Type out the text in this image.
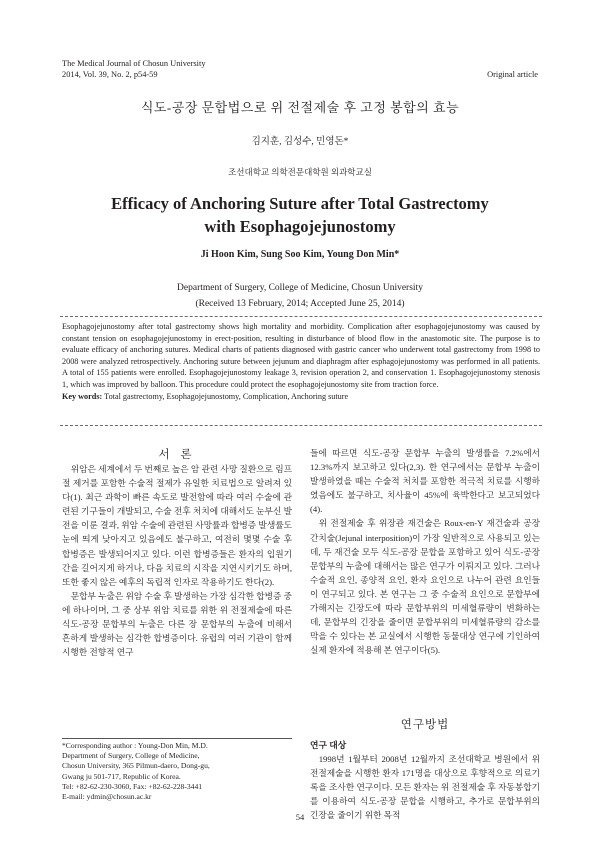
The Medical Journal of Chosun University
2014, Vol. 39, No. 2, p54-59	Original article
식도-공장 문합법으로 위 전절제술 후 고정 봉합의 효능
김지훈, 김성수, 민영돈*
조선대학교 의학전문대학원 외과학교실
Efficacy of Anchoring Suture after Total Gastrectomy
with Esophagojejunostomy
Ji Hoon Kim, Sung Soo Kim, Young Don Min*
Department of Surgery, College of Medicine, Chosun University
(Received 13 February, 2014; Accepted June 25, 2014)
Esophagojejunostomy after total gastrectomy shows high mortality and morbidity. Complication after esophagojejunostomy was caused by constant tension on esophagojejunostomy in erect-position, resulting in disturbance of blood flow in the anastomotic site. The purpose is to evaluate efficacy of anchoring sutures. Medical charts of patients diagnosed with gastric cancer who underwent total gastrectomy from 1998 to 2008 were analyzed retrospectively. Anchoring suture between jejunum and diaphragm after esphagojejunostomy was performed in all patients. A total of 155 patients were enrolled. Esophagojejunostomy leakage 3, revision operation 2, and conservation 1. Esophagojejunostomy stenosis 1, which was improved by balloon. This procedure could protect the esophagojejunostomy site from traction force.
Key words: Total gastrectomy, Esophagojejunostomy, Complication, Anchoring suture
서 론

위암은 세계에서 두 번째로 높은 암 관련 사망 질환으로 림프절 제거를 포함한 수술적 절제가 유일한 치료법으로 알려져 있다(1). 최근 과학이 빠른 속도로 발전함에 따라 여러 수술에 관련된 기구들이 개발되고, 수술 전후 처치에 대해서도 눈부신 발전을 이룬 결과, 위암 수술에 관련된 사망률과 합병증 발생률도 눈에 띄게 낮아지고 있음에도 불구하고, 여전히 몇몇 수술 후 합병증은 발생되어지고 있다. 이런 합병증들은 환자의 입원기간을 길어지게 하거나, 다음 치료의 시작을 지연시키기도 하며, 또한 좋지 않은 예후의 독립적 인자로 작용하기도 한다(2).

문합부 누출은 위암 수술 후 발생하는 가장 심각한 합병증 중에 하나이며, 그 중 상부 위암 치료를 위한 위 전절제술에 따른 식도-공장 문합부의 누출은 다른 장 문합부의 누출에 비해서 흔하게 발생하는 심각한 합병증이다. 유럽의 여러 기관이 함께 시행한 전향적 연구

*Corresponding author : Young-Don Min, M.D.
Department of Surgery, College of Medicine,
Chosun University, 365 Pilmun-daero, Dong-gu,
Gwang ju 501-717, Republic of Korea.
Tel: +82-62-230-3060, Fax: +82-62-228-3441
E-mail: ydmin@chosun.ac.kr

들에 따르면 식도-공장 문합부 누출의 발생률을 7.2%에서 12.3%까지 보고하고 있다(2,3). 한 연구에서는 문합부 누출이 발생하였을 때는 수술적 처치를 포함한 적극적 치료를 시행하였음에도 불구하고, 치사율이 45%에 육박한다고 보고되었다(4).

위 전절제술 후 위장관 재건술은 Roux-en-Y 재건술과 공장 간치술(Jejunal interposition)이 가장 일반적으로 사용되고 있는데, 두 재건술 모두 식도-공장 문합을 포함하고 있어 식도-공장 문합부의 누출에 대해서는 많은 연구가 이뤄지고 있다. 그러나 수술적 요인, 종양적 요인, 환자 요인으로 나누어 관련 요인들이 연구되고 있다. 본 연구는 그 중 수술적 요인으로 문합부에 가해지는 긴장도에 따라 문합부위의 미세혈류량이 변화하는데, 문합부의 긴장을 줄이면 문합부위의 미세혈류량의 감소를 막을 수 있다는 본 교실에서 시행한 동물대상 연구에 기인하여 실제 환자에 적용해 본 연구이다(5).

연구방법
연구 대상

1998년 1월부터 2008년 12월까지 조선대학교 병원에서 위 전절제술을 시행한 환자 171명을 대상으로 후향적으로 의료기록을 조사한 연구이다. 모든 환자는 위 전절제술 후 자동봉합기를 이용하여 식도-공장 문합을 시행하고, 추가로 문합부위의 긴장을 줄이기 위한 목적

54
